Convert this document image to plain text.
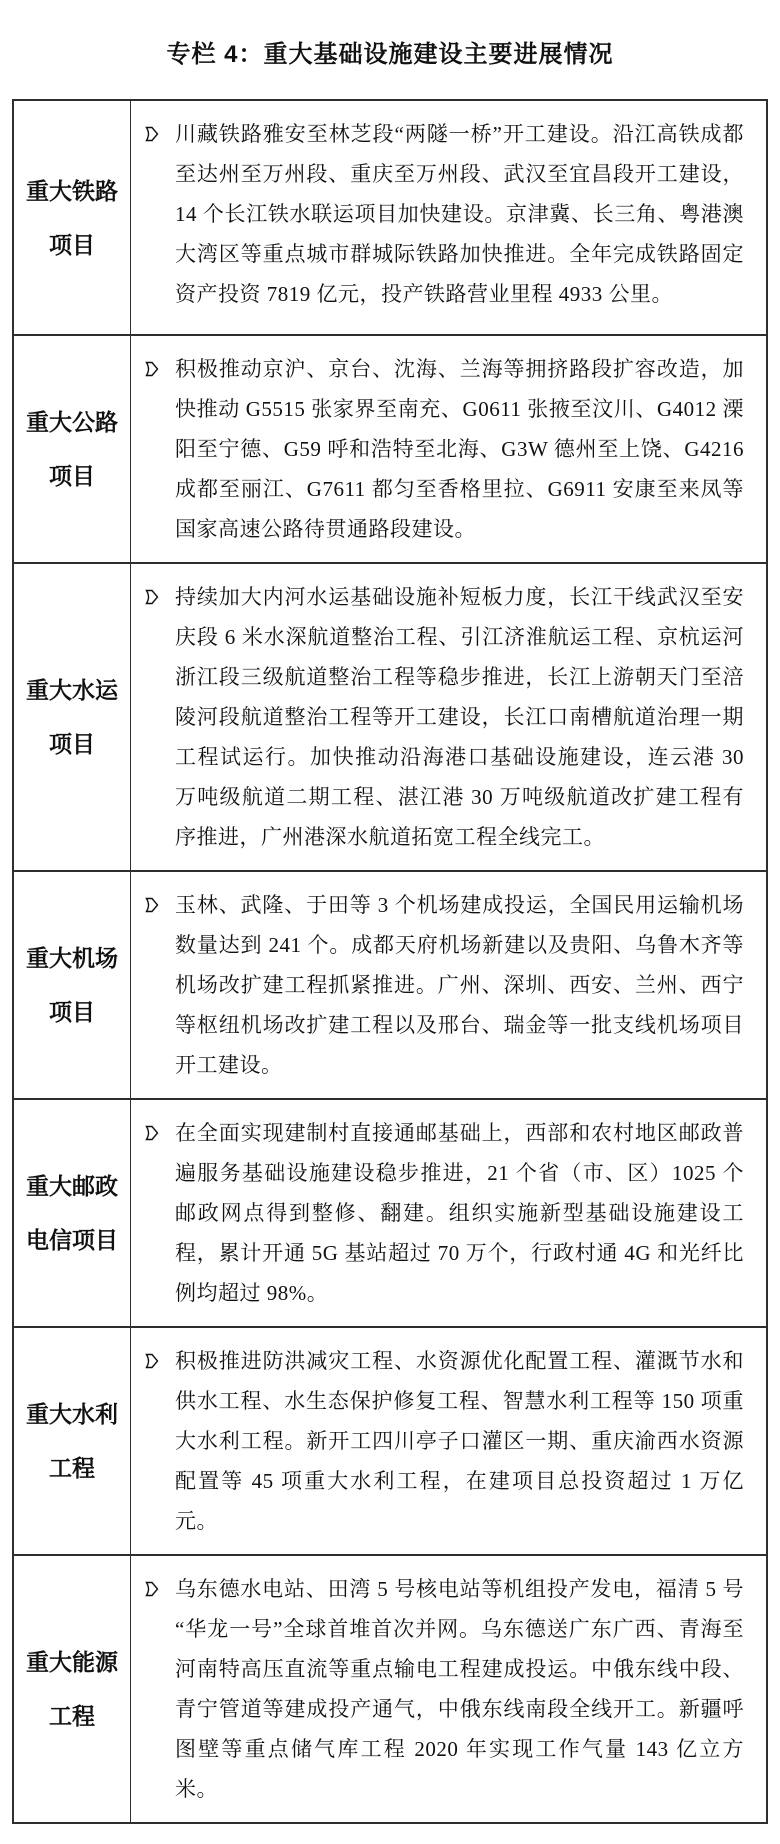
专栏 4：重大基础设施建设主要进展情况
重大铁路
项目
川藏铁路雅安至林芝段“两隧一桥”开工建设。沿江高铁成都至达州至万州段、重庆至万州段、武汉至宜昌段开工建设，14 个长江铁水联运项目加快建设。京津冀、长三角、粤港澳大湾区等重点城市群城际铁路加快推进。全年完成铁路固定资产投资 7819 亿元，投产铁路营业里程 4933 公里。
重大公路
项目
积极推动京沪、京台、沈海、兰海等拥挤路段扩容改造，加快推动 G5515 张家界至南充、G0611 张掖至汶川、G4012 溧阳至宁德、G59 呼和浩特至北海、G3W 德州至上饶、G4216 成都至丽江、G7611 都匀至香格里拉、G6911 安康至来凤等国家高速公路待贯通路段建设。
重大水运
项目
持续加大内河水运基础设施补短板力度，长江干线武汉至安庆段 6 米水深航道整治工程、引江济淮航运工程、京杭运河浙江段三级航道整治工程等稳步推进，长江上游朝天门至涪陵河段航道整治工程等开工建设，长江口南槽航道治理一期工程试运行。加快推动沿海港口基础设施建设，连云港 30 万吨级航道二期工程、湛江港 30 万吨级航道改扩建工程有序推进，广州港深水航道拓宽工程全线完工。
重大机场
项目
玉林、武隆、于田等 3 个机场建成投运，全国民用运输机场数量达到 241 个。成都天府机场新建以及贵阳、乌鲁木齐等机场改扩建工程抓紧推进。广州、深圳、西安、兰州、西宁等枢纽机场改扩建工程以及邢台、瑞金等一批支线机场项目开工建设。
重大邮政
电信项目
在全面实现建制村直接通邮基础上，西部和农村地区邮政普遍服务基础设施建设稳步推进，21 个省（市、区）1025 个邮政网点得到整修、翻建。组织实施新型基础设施建设工程，累计开通 5G 基站超过 70 万个，行政村通 4G 和光纤比例均超过 98%。
重大水利
工程
积极推进防洪减灾工程、水资源优化配置工程、灌溉节水和供水工程、水生态保护修复工程、智慧水利工程等 150 项重大水利工程。新开工四川亭子口灌区一期、重庆渝西水资源配置等 45 项重大水利工程，在建项目总投资超过 1 万亿元。
重大能源
工程
乌东德水电站、田湾 5 号核电站等机组投产发电，福清 5 号“华龙一号”全球首堆首次并网。乌东德送广东广西、青海至河南特高压直流等重点输电工程建成投运。中俄东线中段、青宁管道等建成投产通气，中俄东线南段全线开工。新疆呼图壁等重点储气库工程 2020 年实现工作气量 143 亿立方米。
